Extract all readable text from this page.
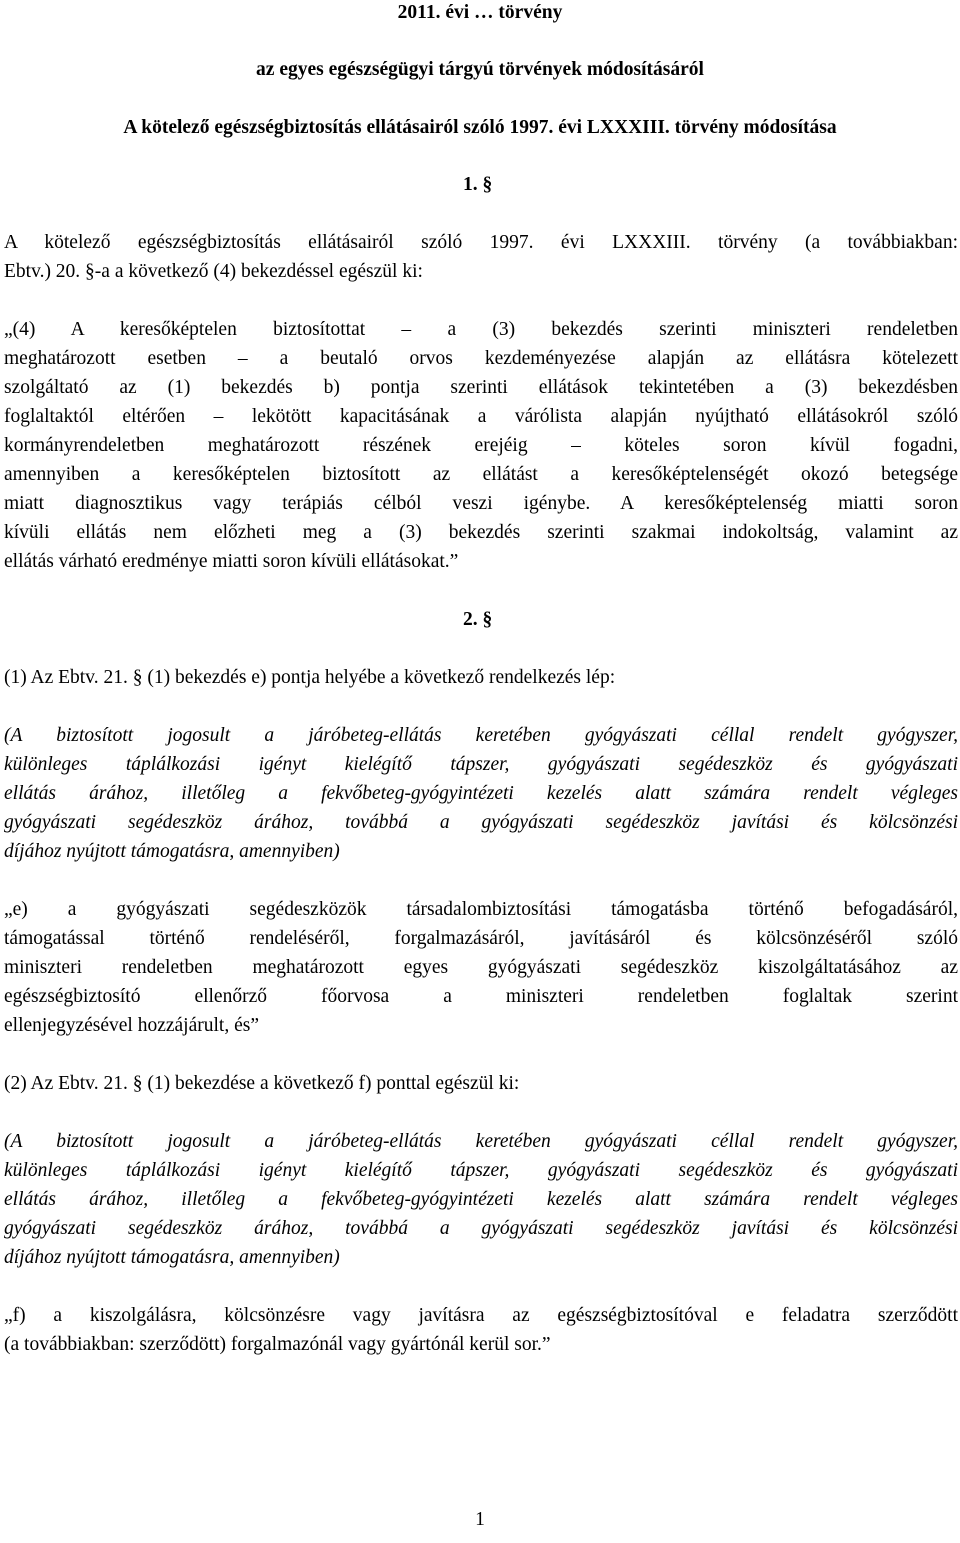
2011. évi … törvény

az egyes egészségügyi tárgyú törvények módosításáról

A kötelező egészségbiztosítás ellátásairól szóló 1997. évi LXXXIII. törvény módosítása

1. §

A kötelező egészségbiztosítás ellátásairól szóló 1997. évi LXXXIII. törvény (a továbbiakban:

Ebtv.) 20. §-a a következő (4) bekezdéssel egészül ki:

„(4) A keresőképtelen biztosítottat – a (3) bekezdés szerinti miniszteri rendeletben

meghatározott esetben – a beutaló orvos kezdeményezése alapján az ellátásra kötelezett

szolgáltató az (1) bekezdés b) pontja szerinti ellátások tekintetében a (3) bekezdésben

foglaltaktól eltérően – lekötött kapacitásának a várólista alapján nyújtható ellátásokról szóló

kormányrendeletben meghatározott részének erejéig – köteles soron kívül fogadni,

amennyiben a keresőképtelen biztosított az ellátást a keresőképtelenségét okozó betegsége

miatt diagnosztikus vagy terápiás célból veszi igénybe. A keresőképtelenség miatti soron

kívüli ellátás nem előzheti meg a (3) bekezdés szerinti szakmai indokoltság, valamint az

ellátás várható eredménye miatti soron kívüli ellátásokat.”

2. §

(1) Az Ebtv. 21. § (1) bekezdés e) pontja helyébe a következő rendelkezés lép:

(A biztosított jogosult a járóbeteg-ellátás keretében gyógyászati céllal rendelt gyógyszer,

különleges táplálkozási igényt kielégítő tápszer, gyógyászati segédeszköz és gyógyászati

ellátás árához, illetőleg a fekvőbeteg-gyógyintézeti kezelés alatt számára rendelt végleges

gyógyászati segédeszköz árához, továbbá a gyógyászati segédeszköz javítási és kölcsönzési

díjához nyújtott támogatásra, amennyiben)

„e) a gyógyászati segédeszközök társadalombiztosítási támogatásba történő befogadásáról,

támogatással történő rendeléséről, forgalmazásáról, javításáról és kölcsönzéséről szóló

miniszteri rendeletben meghatározott egyes gyógyászati segédeszköz kiszolgáltatásához az

egészségbiztosító ellenőrző főorvosa a miniszteri rendeletben foglaltak szerint

ellenjegyzésével hozzájárult, és”

(2) Az Ebtv. 21. § (1) bekezdése a következő f) ponttal egészül ki:

(A biztosított jogosult a járóbeteg-ellátás keretében gyógyászati céllal rendelt gyógyszer,

különleges táplálkozási igényt kielégítő tápszer, gyógyászati segédeszköz és gyógyászati

ellátás árához, illetőleg a fekvőbeteg-gyógyintézeti kezelés alatt számára rendelt végleges

gyógyászati segédeszköz árához, továbbá a gyógyászati segédeszköz javítási és kölcsönzési

díjához nyújtott támogatásra, amennyiben)

„f) a kiszolgálásra, kölcsönzésre vagy javításra az egészségbiztosítóval e feladatra szerződött

(a továbbiakban: szerződött) forgalmazónál vagy gyártónál kerül sor.”

1
